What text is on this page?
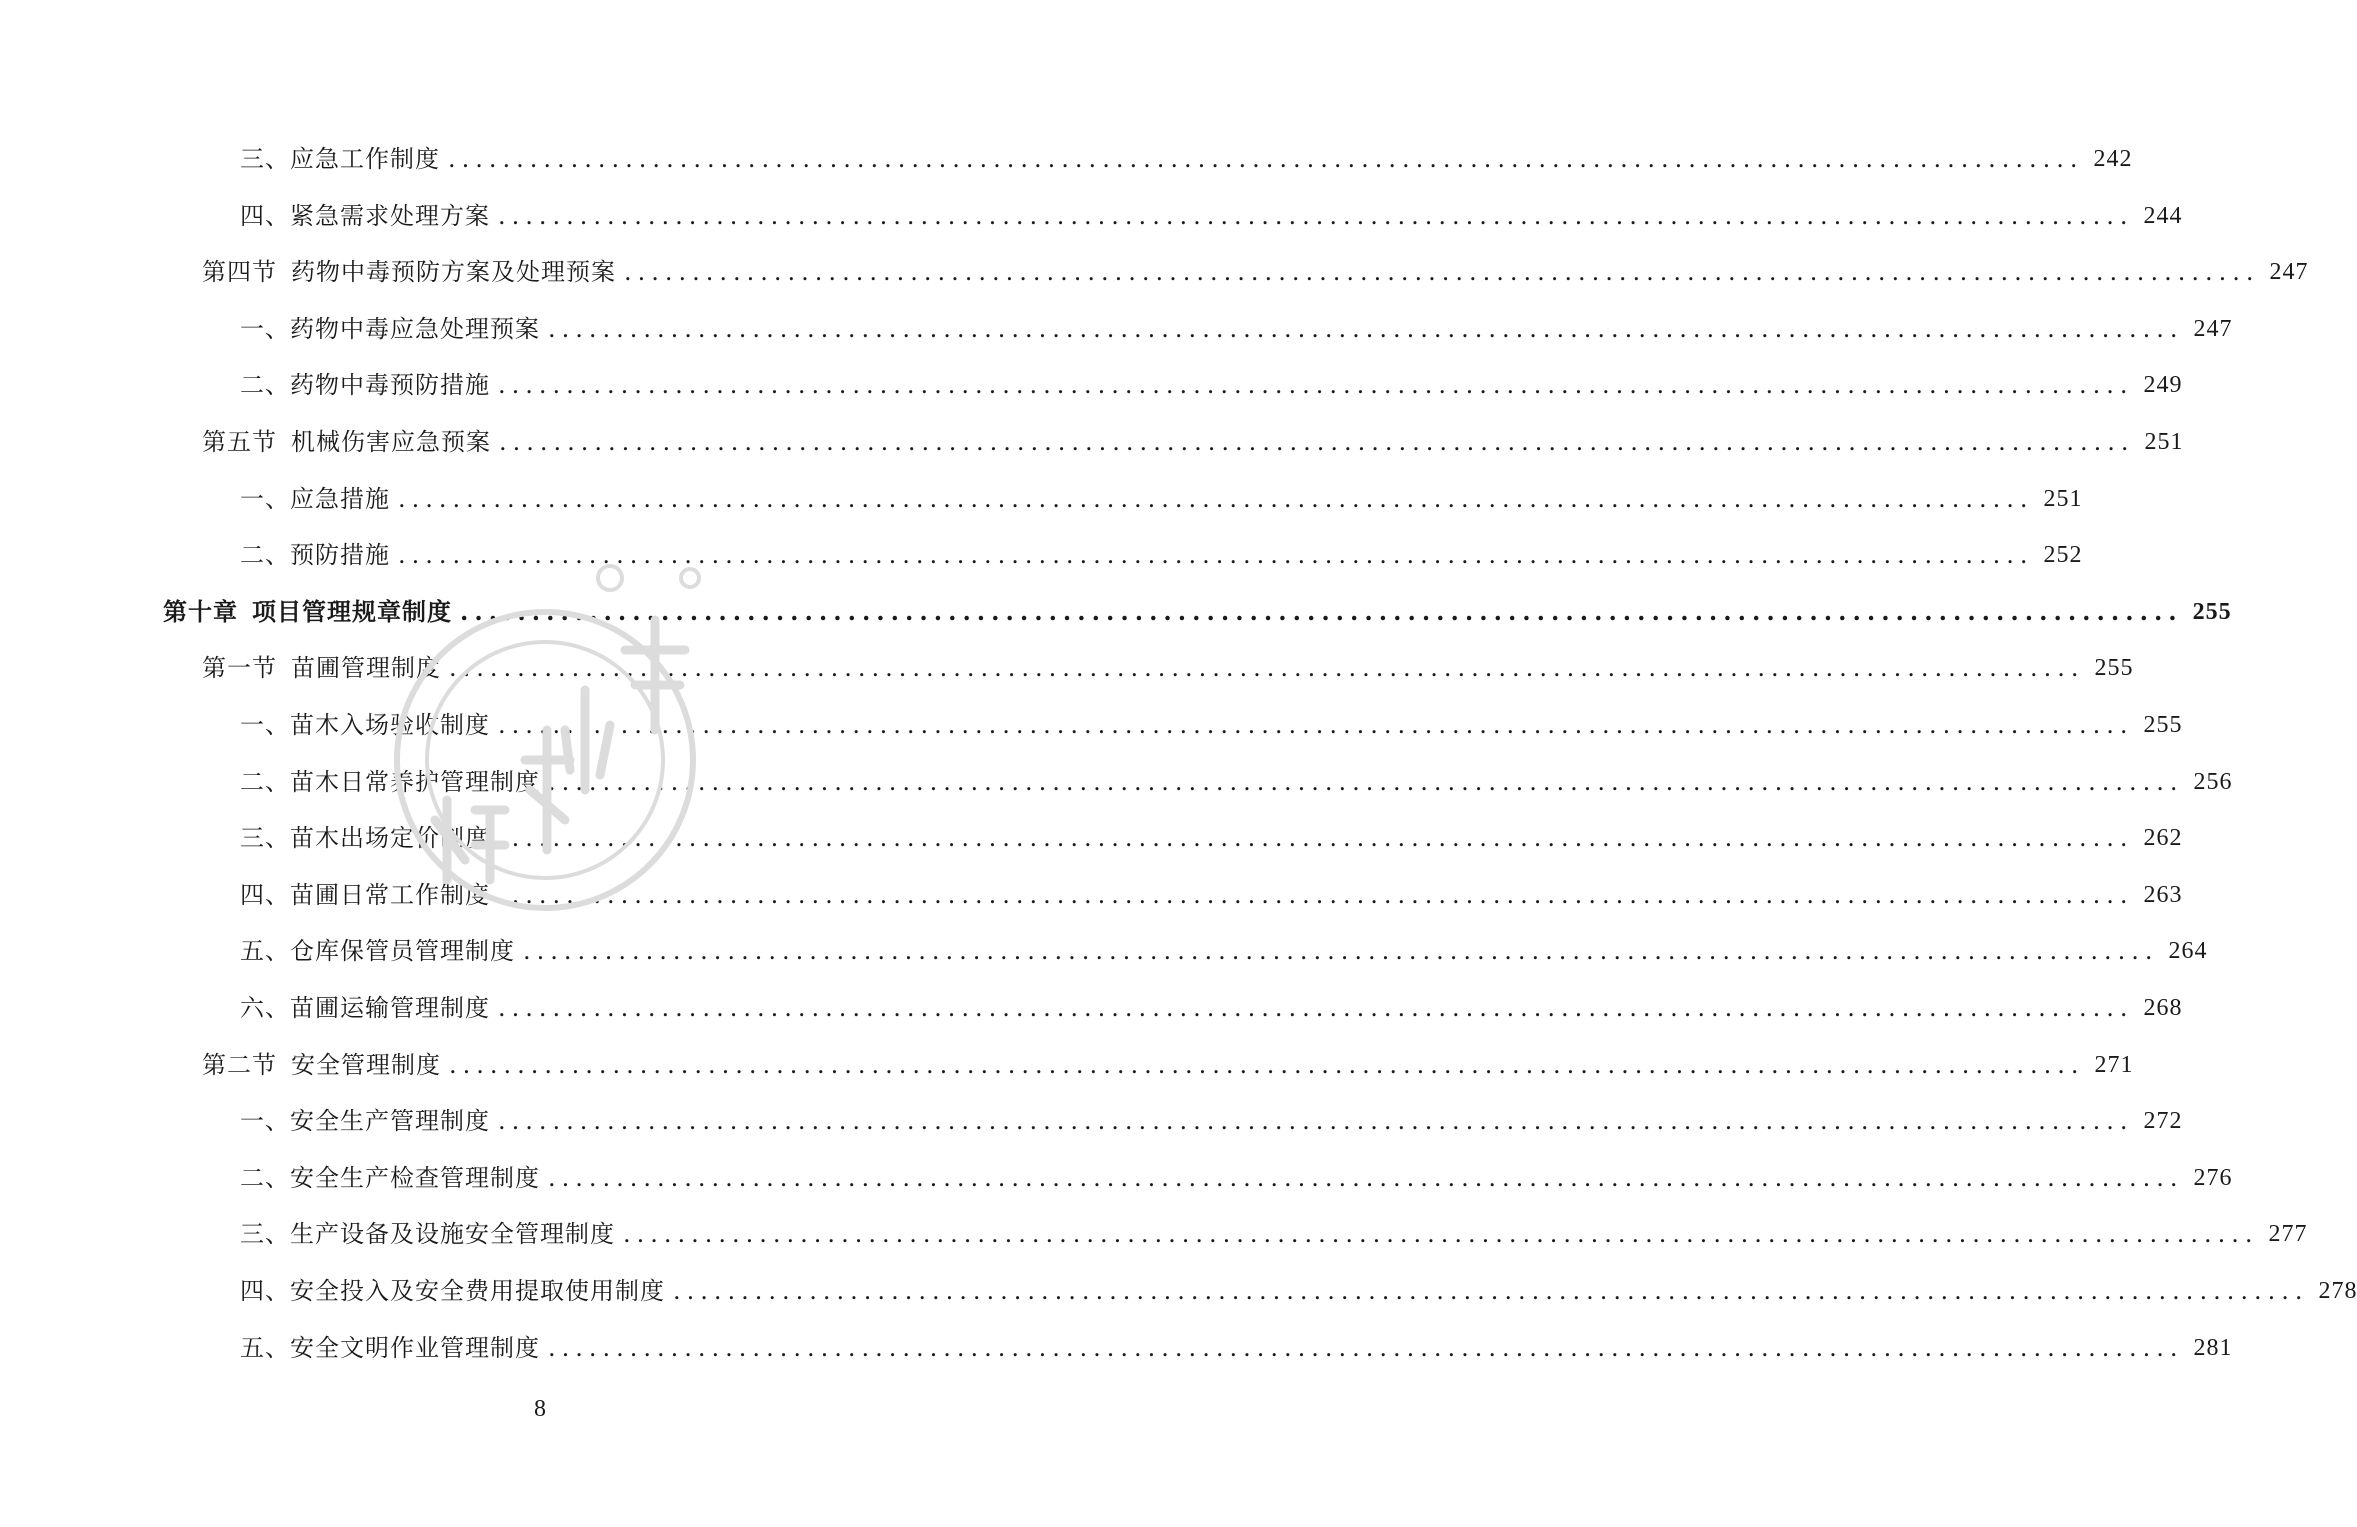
三、应急工作制度 ........................................................................................................................ 242
四、紧急需求处理方案 ........................................................................................................................ 244
第四节 药物中毒预防方案及处理预案 ........................................................................................................................ 247
一、药物中毒应急处理预案 ........................................................................................................................ 247
二、药物中毒预防措施 ........................................................................................................................ 249
第五节 机械伤害应急预案 ........................................................................................................................ 251
一、应急措施 ........................................................................................................................ 251
二、预防措施 ........................................................................................................................ 252
第十章 项目管理规章制度 ........................................................................................................................ 255
第一节 苗圃管理制度 ........................................................................................................................ 255
一、苗木入场验收制度 ........................................................................................................................ 255
二、苗木日常养护管理制度 ........................................................................................................................ 256
三、苗木出场定价制度 ........................................................................................................................ 262
四、苗圃日常工作制度 ........................................................................................................................ 263
五、仓库保管员管理制度 ........................................................................................................................ 264
六、苗圃运输管理制度 ........................................................................................................................ 268
第二节 安全管理制度 ........................................................................................................................ 271
一、安全生产管理制度 ........................................................................................................................ 272
二、安全生产检查管理制度 ........................................................................................................................ 276
三、生产设备及设施安全管理制度 ........................................................................................................................ 277
四、安全投入及安全费用提取使用制度 ........................................................................................................................ 278
五、安全文明作业管理制度 ........................................................................................................................ 281
8
